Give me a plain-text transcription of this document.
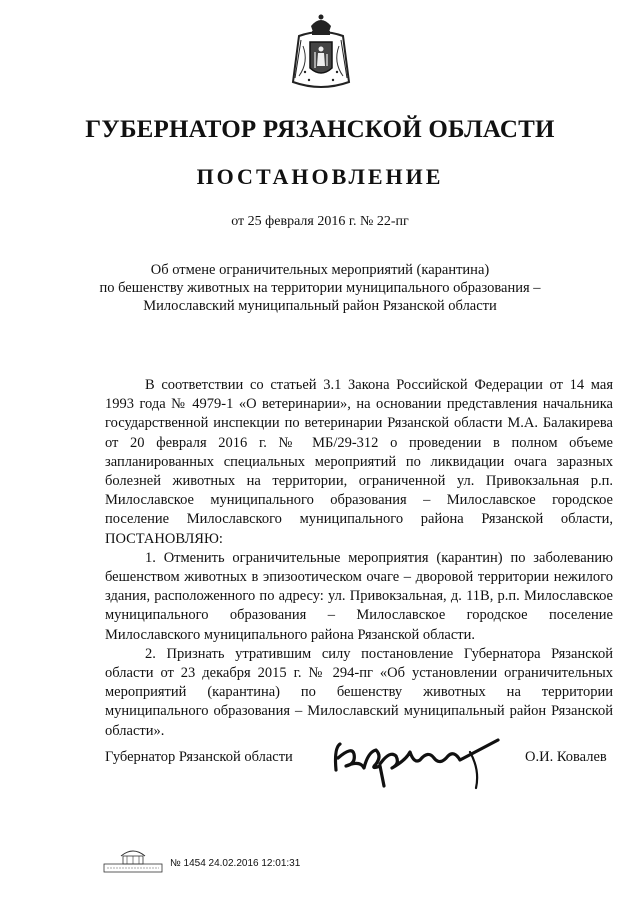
ГУБЕРНАТОР РЯЗАНСКОЙ ОБЛАСТИ
ПОСТАНОВЛЕНИЕ
от 25 февраля 2016 г. № 22-пг
Об отмене ограничительных мероприятий (карантина)
по бешенству животных на территории муниципального образования –
Милославский муниципальный район Рязанской области

В соответствии со статьей 3.1 Закона Российской Федерации от 14 мая 1993 года № 4979-1 «О ветеринарии», на основании представления начальника государственной инспекции по ветеринарии Рязанской области М.А. Балакирева от 20 февраля 2016 г. № МБ/29-312 о проведении в полном объеме запланированных специальных мероприятий по ликвидации очага заразных болезней животных на территории, ограниченной ул. Привокзальная р.п. Милославское муниципального образования – Милославское городское поселение Милославского муниципального района Рязанской области, ПОСТАНОВЛЯЮ:

1. Отменить ограничительные мероприятия (карантин) по заболеванию бешенством животных в эпизоотическом очаге – дворовой территории нежилого здания, расположенного по адресу: ул. Привокзальная, д. 11В, р.п. Милославское муниципального образования – Милославское городское поселение Милославского муниципального района Рязанской области.

2. Признать утратившим силу постановление Губернатора Рязанской области от 23 декабря 2015 г. № 294-пг «Об установлении ограничительных мероприятий (карантина) по бешенству животных на территории муниципального образования – Милославский муниципальный район Рязанской области».

Губернатор Рязанской области	О.И. Ковалев
№ 1454 24.02.2016 12:01:31
